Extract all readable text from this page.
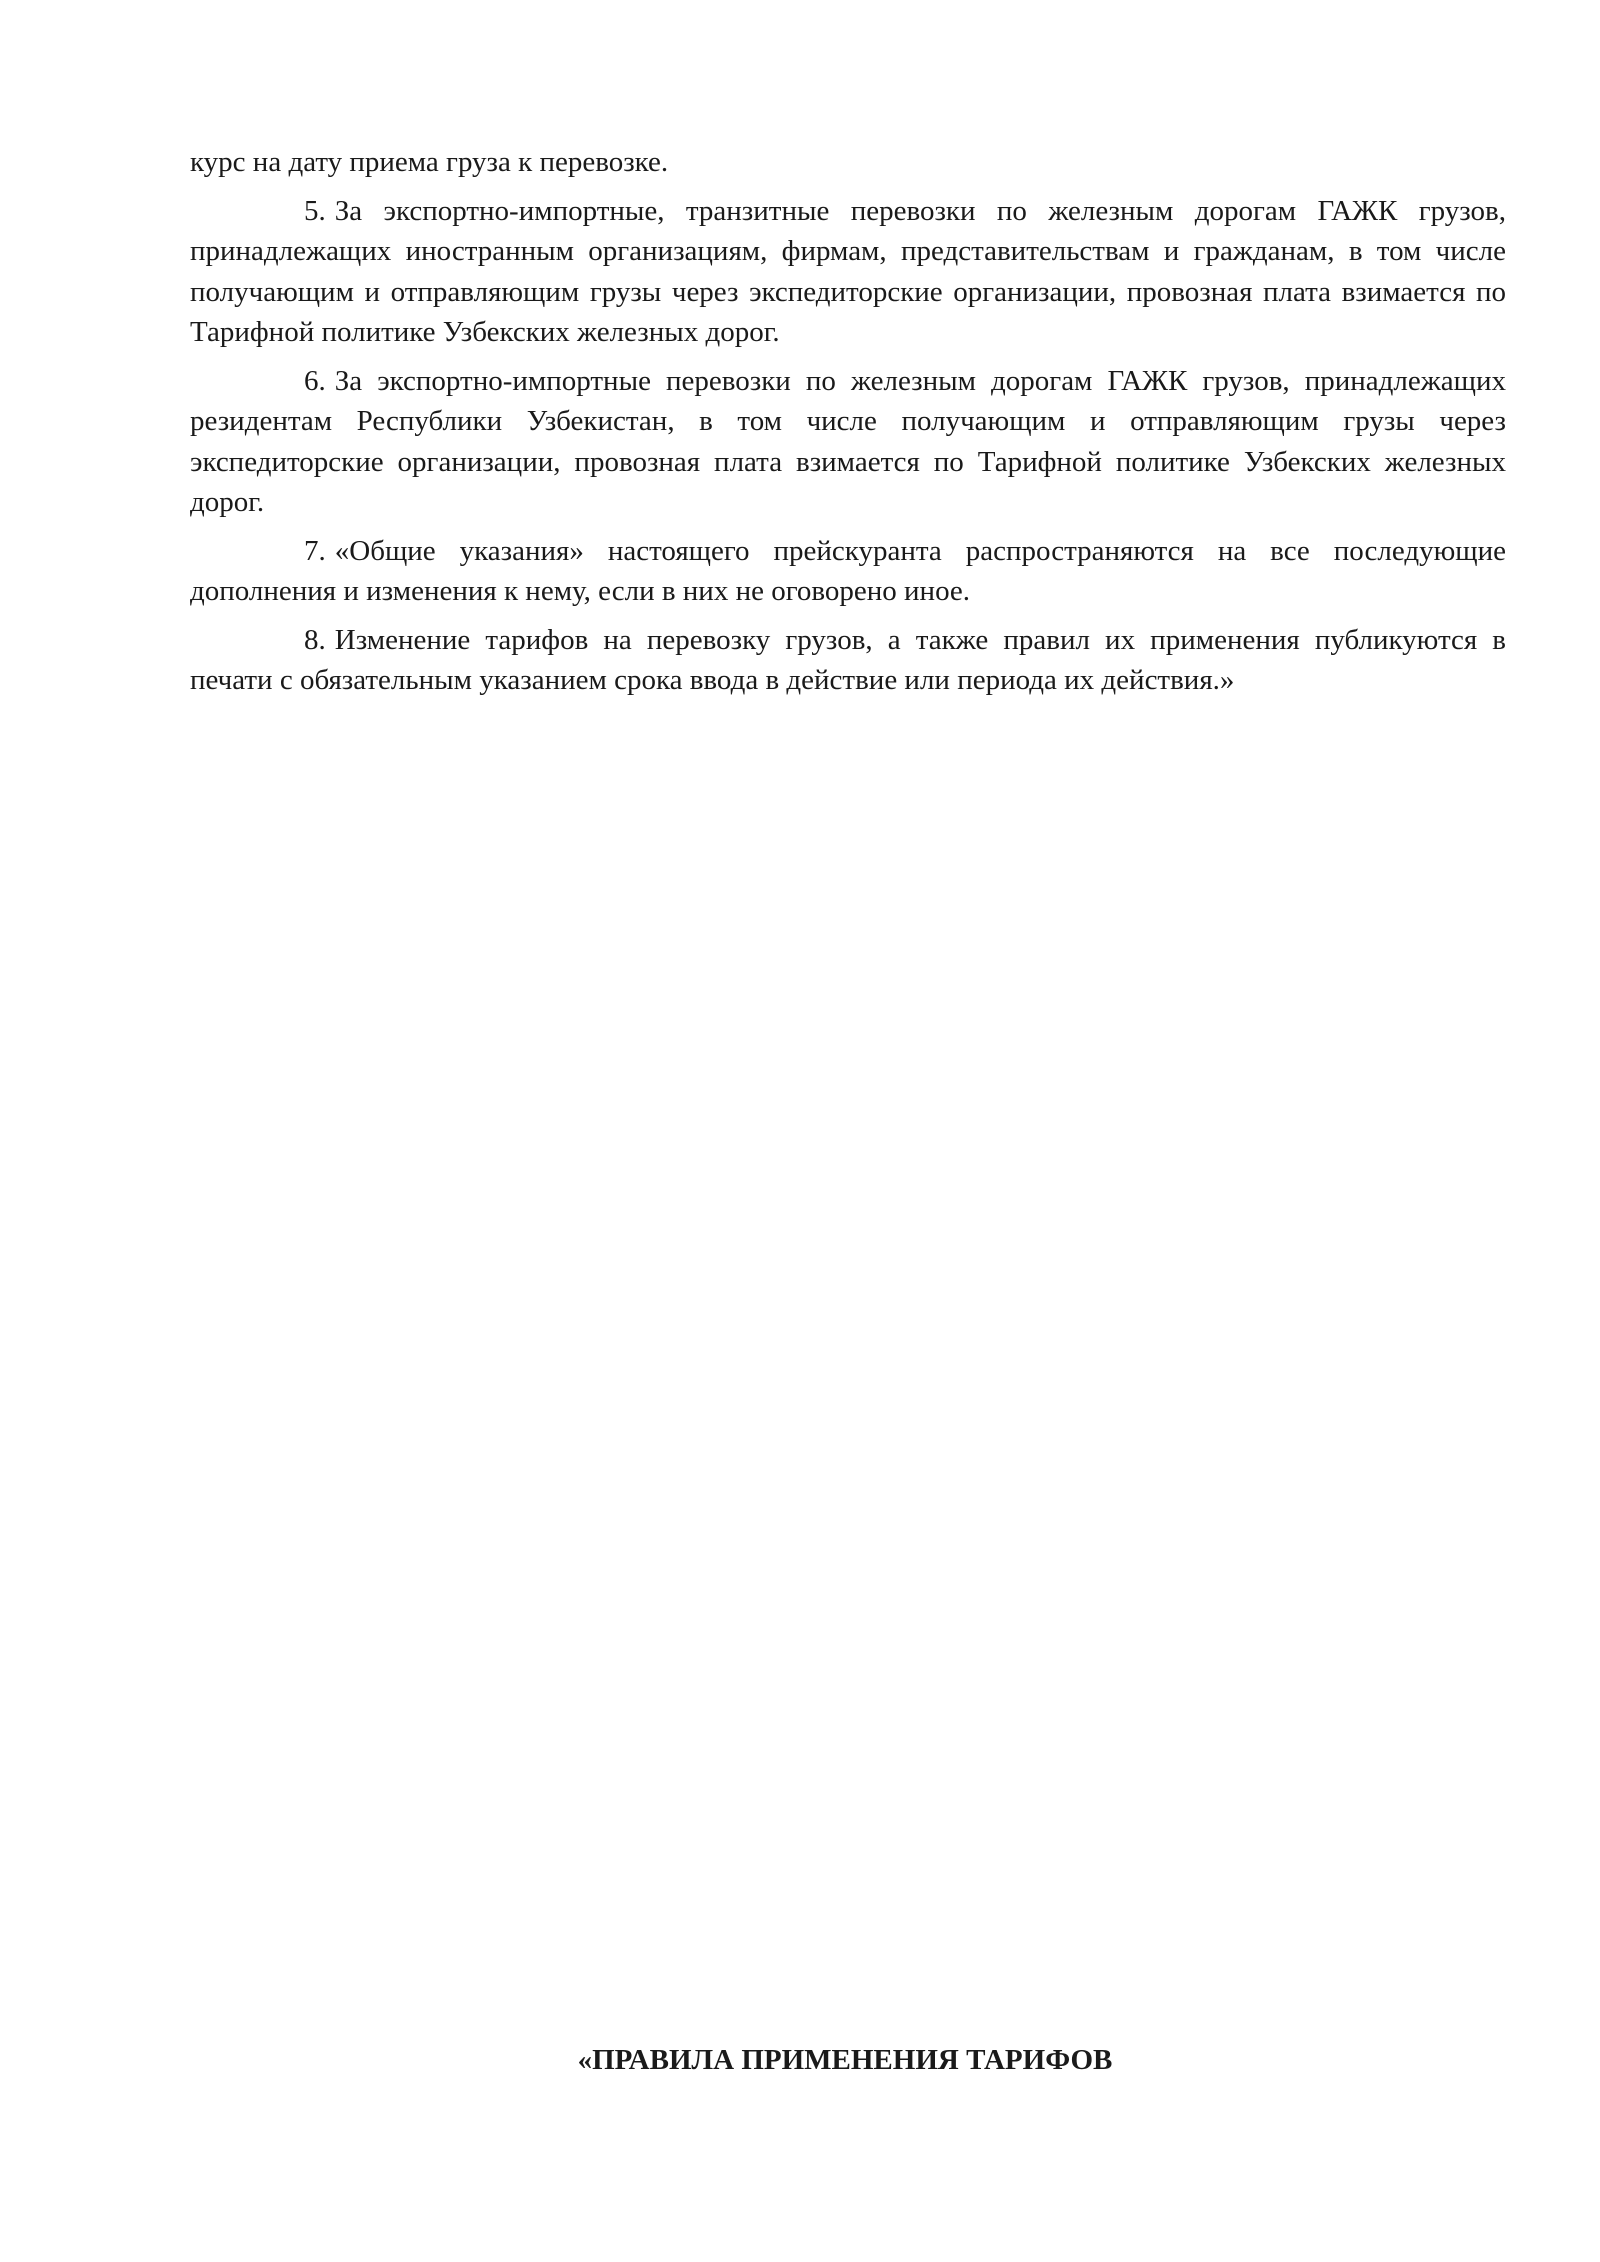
курс на дату приема груза к перевозке.

5. За экспортно-импортные, транзитные перевозки по железным дорогам ГАЖК грузов, принадлежащих иностранным организациям, фирмам, представительствам и гражданам, в том числе получающим и отправляющим грузы через экспедиторские организации, провозная плата взимается по Тарифной политике Узбекских железных дорог.

6. За экспортно-импортные перевозки по железным дорогам ГАЖК грузов, принадлежащих резидентам Республики Узбекистан, в том числе получающим и отправляющим грузы через экспедиторские организации, провозная плата взимается по Тарифной политике Узбекских железных дорог.

7. «Общие указания» настоящего прейскуранта распространяются на все последующие дополнения и изменения к нему, если в них не оговорено иное.

8. Изменение тарифов на перевозку грузов, а также правил их применения публикуются в печати с обязательным указанием срока ввода в действие или периода их действия.»

«ПРАВИЛА ПРИМЕНЕНИЯ ТАРИФОВ
